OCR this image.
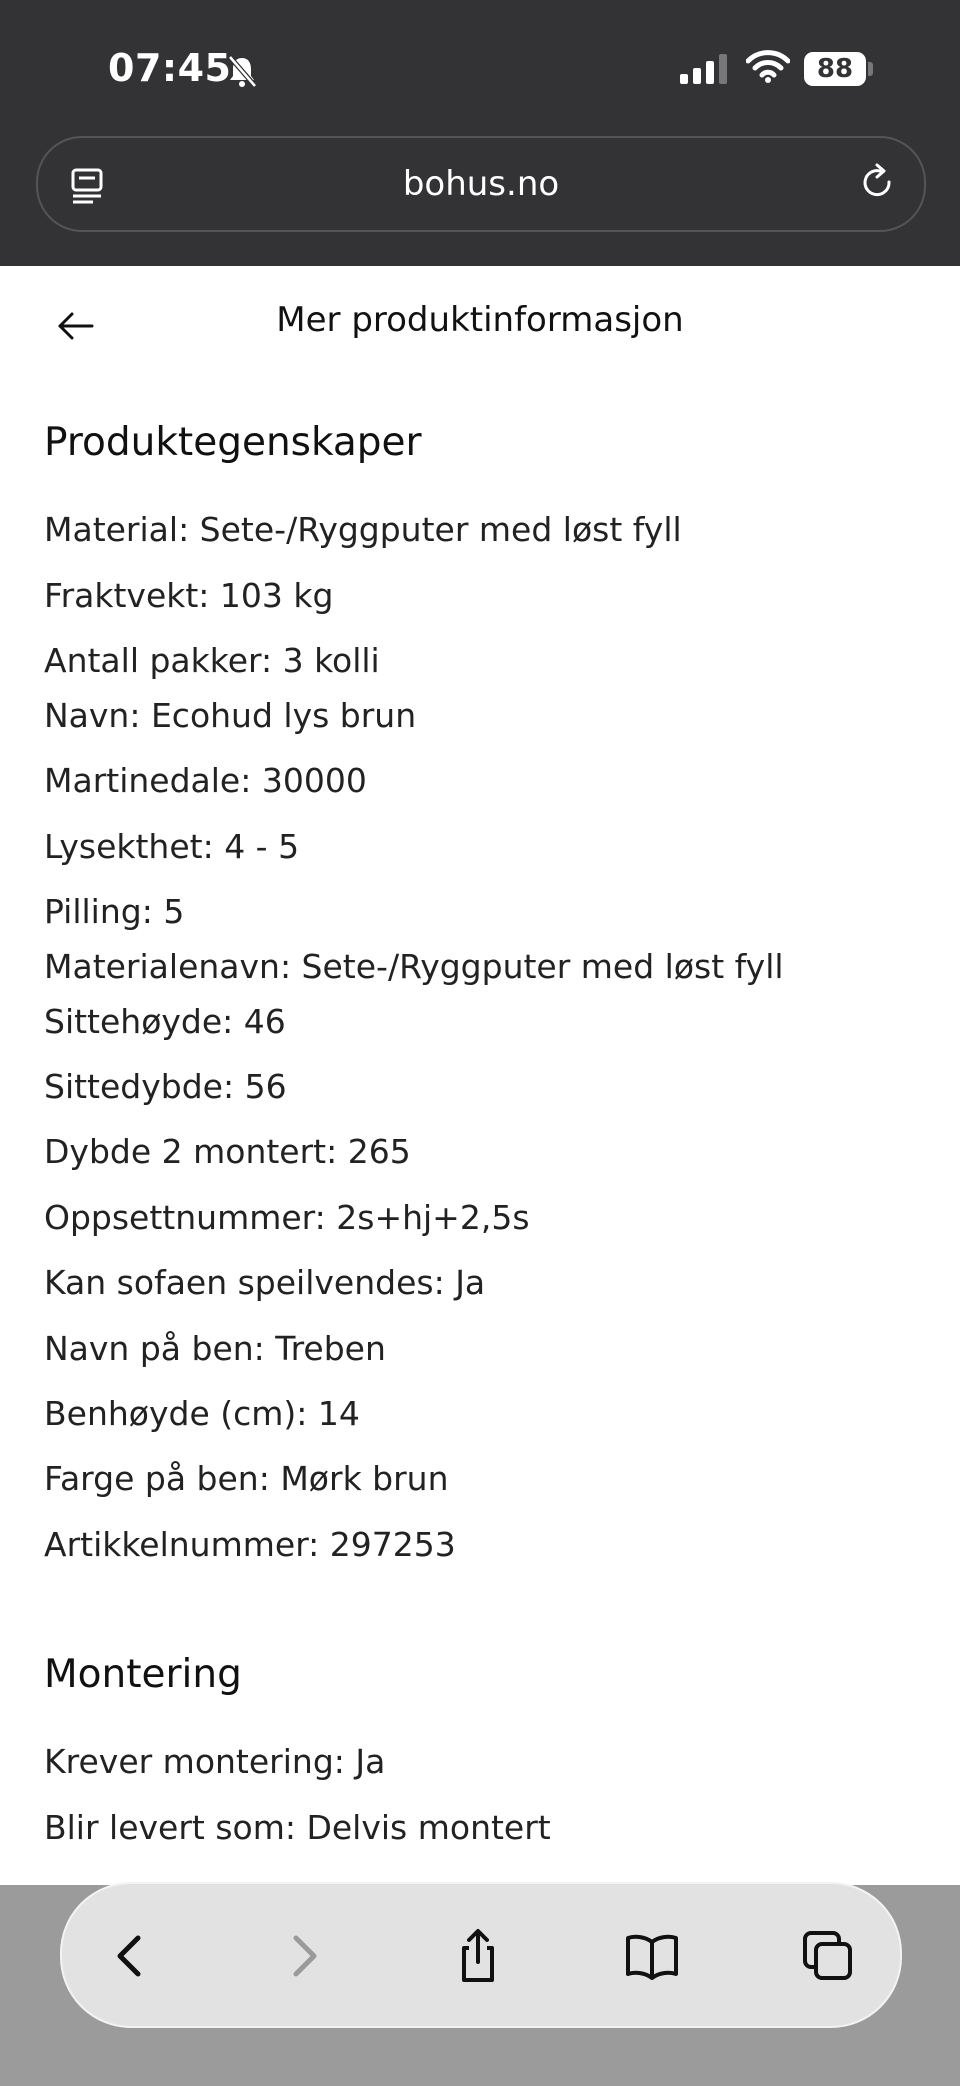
07:45	88
bohus.no
Mer produktinformasjon
Produktegenskaper
Material: Sete-/Ryggputer med løst fyll
Fraktvekt: 103 kg
Antall pakker: 3 kolli
Navn: Ecohud lys brun
Martinedale: 30000
Lysekthet: 4 - 5
Pilling: 5
Materialenavn: Sete-/Ryggputer med løst fyll
Sittehøyde: 46
Sittedybde: 56
Dybde 2 montert: 265
Oppsettnummer: 2s+hj+2,5s
Kan sofaen speilvendes: Ja
Navn på ben: Treben
Benhøyde (cm): 14
Farge på ben: Mørk brun
Artikkelnummer: 297253
Montering
Krever montering: Ja
Blir levert som: Delvis montert
